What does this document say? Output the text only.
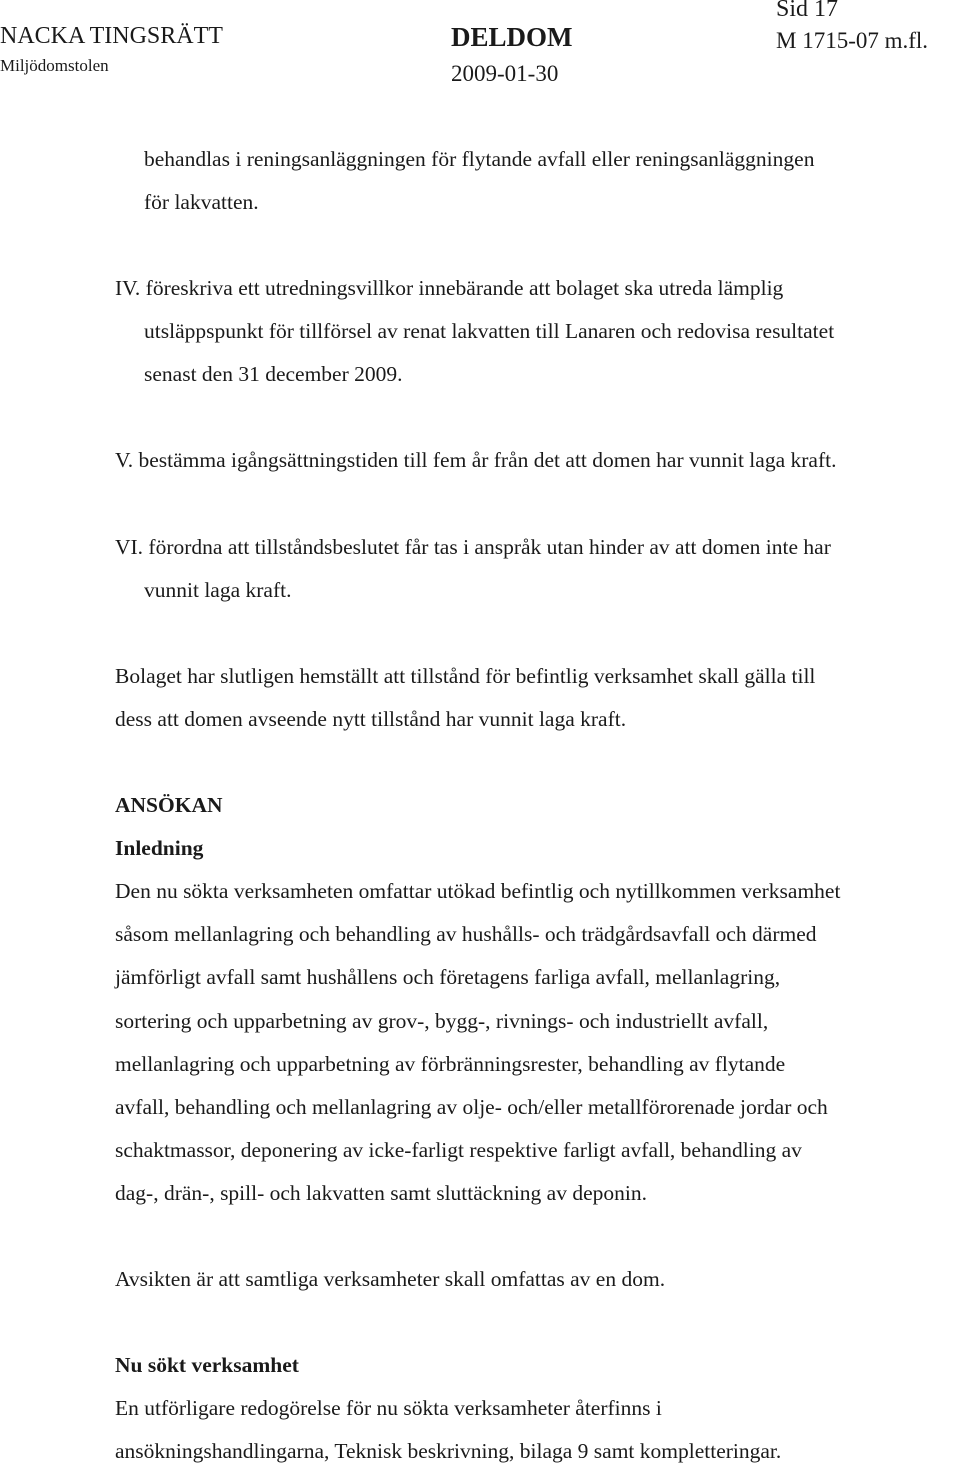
NACKA TINGSRÄTT
Miljödomstolen
DELDOM
2009-01-30
Sid 17
M 1715-07 m.fl.
behandlas i reningsanläggningen för flytande avfall eller reningsanläggningen
för lakvatten.
IV. föreskriva ett utredningsvillkor innebärande att bolaget ska utreda lämplig
utsläppspunkt för tillförsel av renat lakvatten till Lanaren och redovisa resultatet
senast den 31 december 2009.
V. bestämma igångsättningstiden till fem år från det att domen har vunnit laga kraft.
VI. förordna att tillståndsbeslutet får tas i anspråk utan hinder av att domen inte har
vunnit laga kraft.
Bolaget har slutligen hemställt att tillstånd för befintlig verksamhet skall gälla till
dess att domen avseende nytt tillstånd har vunnit laga kraft.
ANSÖKAN
Inledning
Den nu sökta verksamheten omfattar utökad befintlig och nytillkommen verksamhet
såsom mellanlagring och behandling av hushålls- och trädgårdsavfall och därmed
jämförligt avfall samt hushållens och företagens farliga avfall, mellanlagring,
sortering och upparbetning av grov-, bygg-, rivnings- och industriellt avfall,
mellanlagring och upparbetning av förbränningsrester, behandling av flytande
avfall, behandling och mellanlagring av olje- och/eller metallförorenade jordar och
schaktmassor, deponering av icke-farligt respektive farligt avfall, behandling av
dag-, drän-, spill- och lakvatten samt sluttäckning av deponin.
Avsikten är att samtliga verksamheter skall omfattas av en dom.
Nu sökt verksamhet
En utförligare redogörelse för nu sökta verksamheter återfinns i
ansökningshandlingarna, Teknisk beskrivning, bilaga 9 samt kompletteringar.
